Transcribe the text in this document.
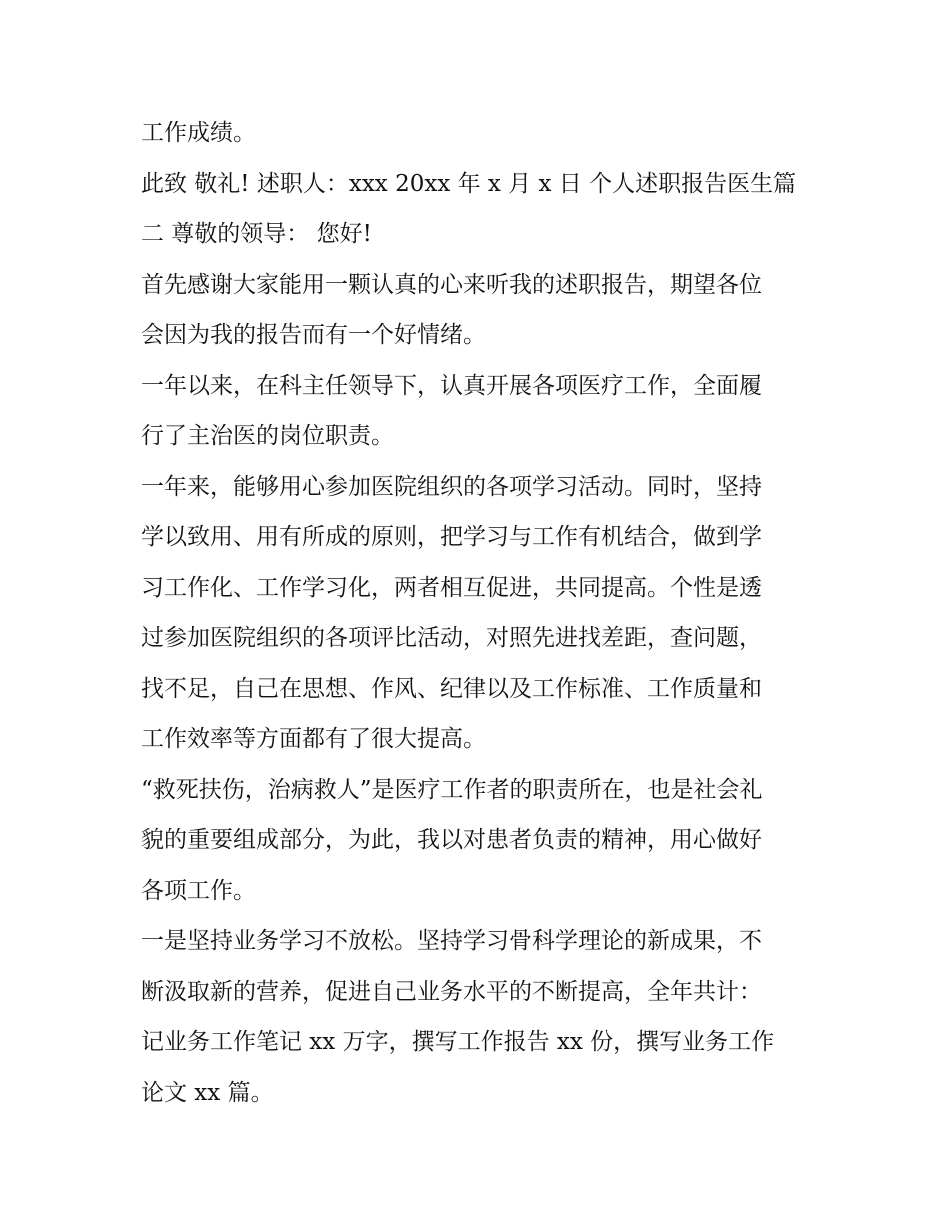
工作成绩。
此致 敬礼! 述职人：xxx 20xx 年 x 月 x 日 个人述职报告医生篇
二 尊敬的领导： 您好!
首先感谢大家能用一颗认真的心来听我的述职报告，期望各位
会因为我的报告而有一个好情绪。
一年以来，在科主任领导下，认真开展各项医疗工作，全面履
行了主治医的岗位职责。
一年来，能够用心参加医院组织的各项学习活动。同时，坚持
学以致用、用有所成的原则，把学习与工作有机结合，做到学
习工作化、工作学习化，两者相互促进，共同提高。个性是透
过参加医院组织的各项评比活动，对照先进找差距，查问题，
找不足，自己在思想、作风、纪律以及工作标准、工作质量和
工作效率等方面都有了很大提高。
“救死扶伤，治病救人”是医疗工作者的职责所在，也是社会礼
貌的重要组成部分，为此，我以对患者负责的精神，用心做好
各项工作。
一是坚持业务学习不放松。坚持学习骨科学理论的新成果，不
断汲取新的营养，促进自己业务水平的不断提高，全年共计：
记业务工作笔记 xx 万字，撰写工作报告 xx 份，撰写业务工作
论文 xx 篇。
